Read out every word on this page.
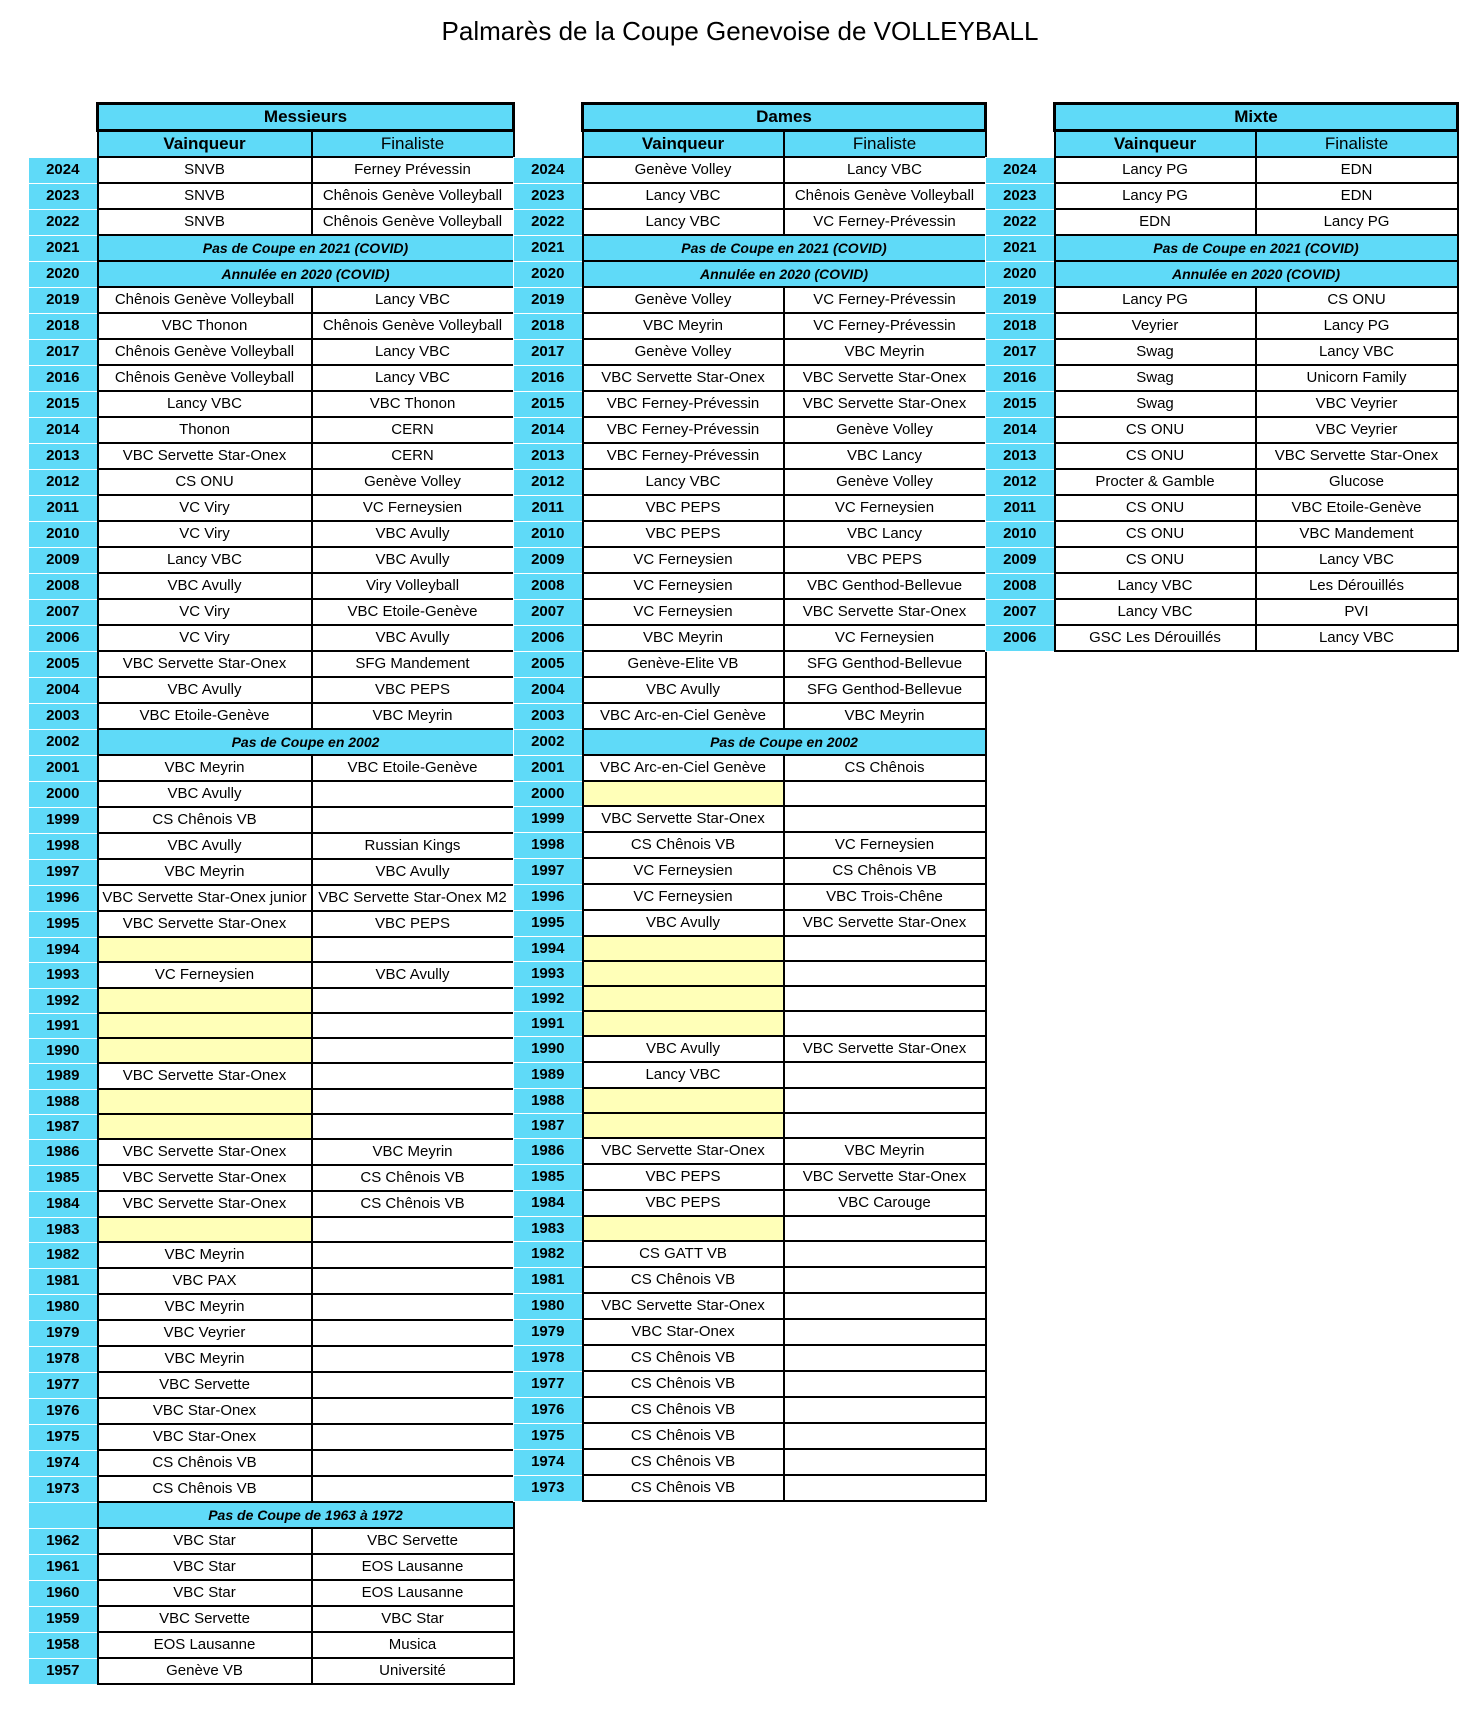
Palmarès de la Coupe Genevoise de VOLLEYBALL
	Messieurs	
	Vainqueur	Finaliste
2024	SNVB	Ferney Prévessin
2023	SNVB	Chênois Genève Volleyball
2022	SNVB	Chênois Genève Volleyball
2021	Pas de Coupe en 2021 (COVID)	
2020	Annulée en 2020 (COVID)	
2019	Chênois Genève Volleyball	Lancy VBC
2018	VBC Thonon	Chênois Genève Volleyball
2017	Chênois Genève Volleyball	Lancy VBC
2016	Chênois Genève Volleyball	Lancy VBC
2015	Lancy VBC	VBC Thonon
2014	Thonon	CERN
2013	VBC Servette Star-Onex	CERN
2012	CS ONU	Genève Volley
2011	VC Viry	VC Ferneysien
2010	VC Viry	VBC Avully
2009	Lancy VBC	VBC Avully
2008	VBC Avully	Viry Volleyball
2007	VC Viry	VBC Etoile-Genève
2006	VC Viry	VBC Avully
2005	VBC Servette Star-Onex	SFG Mandement
2004	VBC Avully	VBC PEPS
2003	VBC Etoile-Genève	VBC Meyrin
2002	Pas de Coupe en 2002	
2001	VBC Meyrin	VBC Etoile-Genève
2000	VBC Avully	
1999	CS Chênois VB	
1998	VBC Avully	Russian Kings
1997	VBC Meyrin	VBC Avully
1996	VBC Servette Star-Onex junior	VBC Servette Star-Onex M2
1995	VBC Servette Star-Onex	VBC PEPS
1994		
1993	VC Ferneysien	VBC Avully
1992		
1991		
1990		
1989	VBC Servette Star-Onex	
1988		
1987		
1986	VBC Servette Star-Onex	VBC Meyrin
1985	VBC Servette Star-Onex	CS Chênois VB
1984	VBC Servette Star-Onex	CS Chênois VB
1983		
1982	VBC Meyrin	
1981	VBC PAX	
1980	VBC Meyrin	
1979	VBC Veyrier	
1978	VBC Meyrin	
1977	VBC Servette	
1976	VBC Star-Onex	
1975	VBC Star-Onex	
1974	CS Chênois VB	
1973	CS Chênois VB	
	Pas de Coupe de 1963 à 1972	
1962	VBC Star	VBC Servette
1961	VBC Star	EOS Lausanne
1960	VBC Star	EOS Lausanne
1959	VBC Servette	VBC Star
1958	EOS Lausanne	Musica
1957	Genève VB	Université
	Dames	
	Vainqueur	Finaliste
2024	Genève Volley	Lancy VBC
2023	Lancy VBC	Chênois Genève Volleyball
2022	Lancy VBC	VC Ferney-Prévessin
2021	Pas de Coupe en 2021 (COVID)	
2020	Annulée en 2020 (COVID)	
2019	Genève Volley	VC Ferney-Prévessin
2018	VBC Meyrin	VC Ferney-Prévessin
2017	Genève Volley	VBC Meyrin
2016	VBC Servette Star-Onex	VBC Servette Star-Onex
2015	VBC Ferney-Prévessin	VBC Servette Star-Onex
2014	VBC Ferney-Prévessin	Genève Volley
2013	VBC Ferney-Prévessin	VBC Lancy
2012	Lancy VBC	Genève Volley
2011	VBC PEPS	VC Ferneysien
2010	VBC PEPS	VBC Lancy
2009	VC Ferneysien	VBC PEPS
2008	VC Ferneysien	VBC Genthod-Bellevue
2007	VC Ferneysien	VBC Servette Star-Onex
2006	VBC Meyrin	VC Ferneysien
2005	Genève-Elite VB	SFG Genthod-Bellevue
2004	VBC Avully	SFG Genthod-Bellevue
2003	VBC Arc-en-Ciel Genève	VBC Meyrin
2002	Pas de Coupe en 2002	
2001	VBC Arc-en-Ciel Genève	CS Chênois
2000		
1999	VBC Servette Star-Onex	
1998	CS Chênois VB	VC Ferneysien
1997	VC Ferneysien	CS Chênois VB
1996	VC Ferneysien	VBC Trois-Chêne
1995	VBC Avully	VBC Servette Star-Onex
1994		
1993		
1992		
1991		
1990	VBC Avully	VBC Servette Star-Onex
1989	Lancy VBC	
1988		
1987		
1986	VBC Servette Star-Onex	VBC Meyrin
1985	VBC PEPS	VBC Servette Star-Onex
1984	VBC PEPS	VBC Carouge
1983		
1982	CS GATT VB	
1981	CS Chênois VB	
1980	VBC Servette Star-Onex	
1979	VBC Star-Onex	
1978	CS Chênois VB	
1977	CS Chênois VB	
1976	CS Chênois VB	
1975	CS Chênois VB	
1974	CS Chênois VB	
1973	CS Chênois VB	
	Mixte	
	Vainqueur	Finaliste
2024	Lancy PG	EDN
2023	Lancy PG	EDN
2022	EDN	Lancy PG
2021	Pas de Coupe en 2021 (COVID)	
2020	Annulée en 2020 (COVID)	
2019	Lancy PG	CS ONU
2018	Veyrier	Lancy PG
2017	Swag	Lancy VBC
2016	Swag	Unicorn Family
2015	Swag	VBC Veyrier
2014	CS ONU	VBC Veyrier
2013	CS ONU	VBC Servette Star-Onex
2012	Procter & Gamble	Glucose
2011	CS ONU	VBC Etoile-Genève
2010	CS ONU	VBC Mandement
2009	CS ONU	Lancy VBC
2008	Lancy VBC	Les Dérouillés
2007	Lancy VBC	PVI
2006	GSC Les Dérouillés	Lancy VBC
